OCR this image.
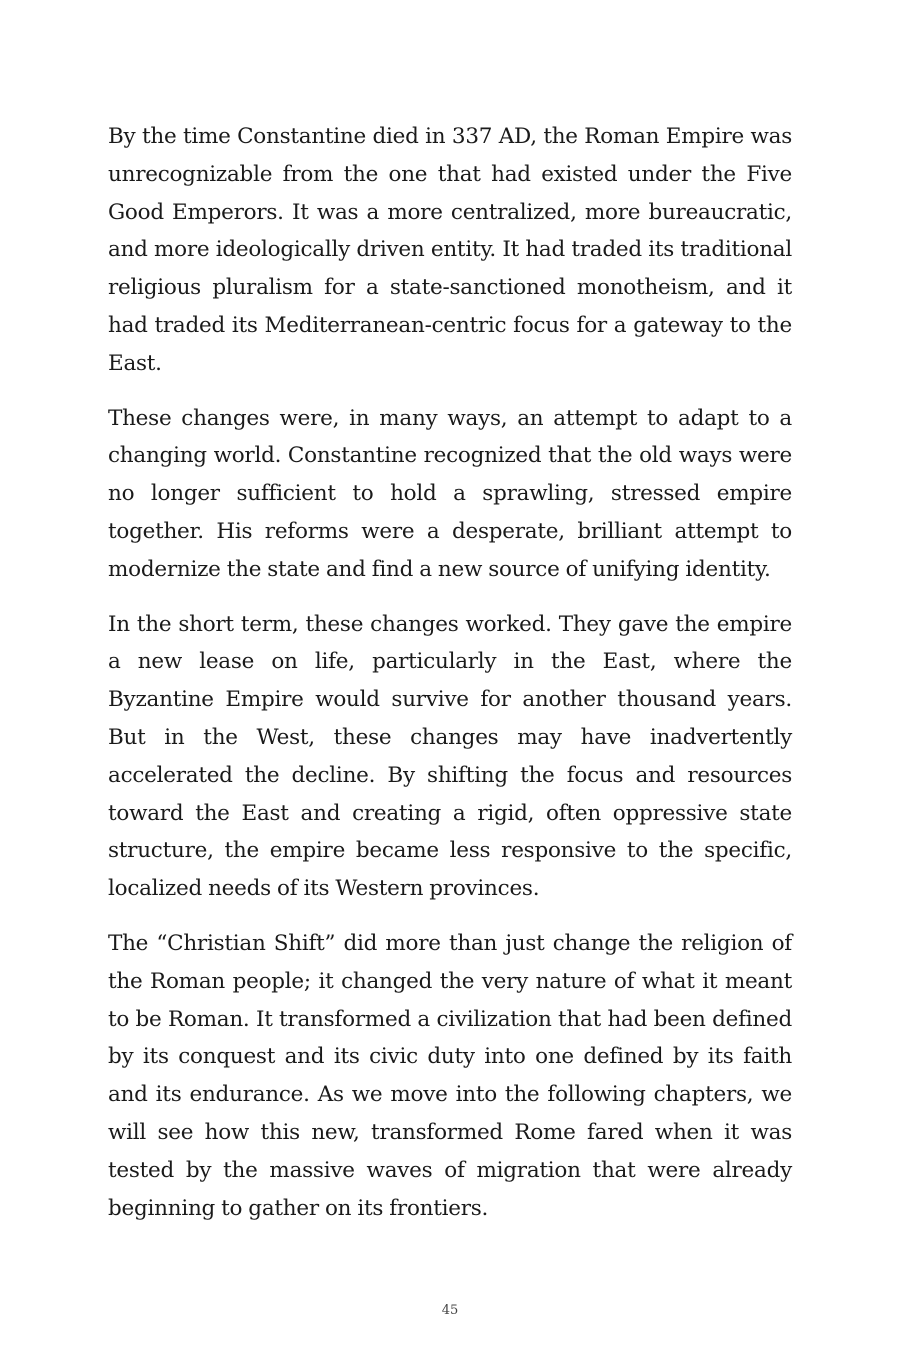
By the time Constantine died in 337 AD, the Roman Empire was unrecognizable from the one that had existed under the Five Good Emperors. It was a more centralized, more bureaucratic, and more ideologically driven entity. It had traded its traditional religious pluralism for a state-sanctioned monotheism, and it had traded its Mediterranean-centric focus for a gateway to the East.

These changes were, in many ways, an attempt to adapt to a changing world. Constantine recognized that the old ways were no longer sufficient to hold a sprawling, stressed empire together. His reforms were a desperate, brilliant attempt to modernize the state and find a new source of unifying identity.

In the short term, these changes worked. They gave the empire a new lease on life, particularly in the East, where the Byzantine Empire would survive for another thousand years. But in the West, these changes may have inadvertently accelerated the decline. By shifting the focus and resources toward the East and creating a rigid, often oppressive state structure, the empire became less responsive to the specific, localized needs of its Western provinces.

The “Christian Shift” did more than just change the religion of the Roman people; it changed the very nature of what it meant to be Roman. It transformed a civilization that had been defined by its conquest and its civic duty into one defined by its faith and its endurance. As we move into the following chapters, we will see how this new, transformed Rome fared when it was tested by the massive waves of migration that were already beginning to gather on its frontiers.

45
